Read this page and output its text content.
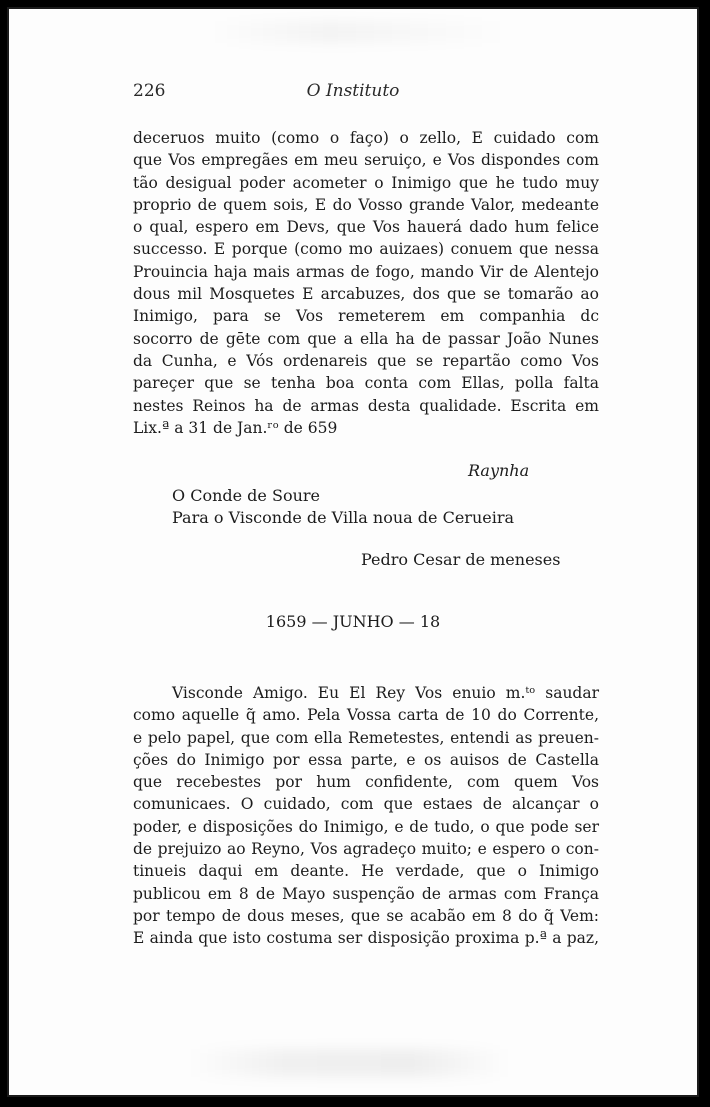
226	O Instituto
deceruos muito (como o faço) o zello, E cuidado com
que Vos empregães em meu seruiço, e Vos dispondes com
tão desigual poder acometer o Inimigo que he tudo muy
proprio de quem sois, E do Vosso grande Valor, medeante
o qual, espero em Devs, que Vos hauerá dado hum felice
successo. E porque (como mo auizaes) conuem que nessa
Prouincia haja mais armas de fogo, mando Vir de Alentejo
dous mil Mosquetes E arcabuzes, dos que se tomarão ao
Inimigo, para se Vos remeterem em companhia dc
socorro de gēte com que a ella ha de passar João Nunes
da Cunha, e Vós ordenareis que se repartão como Vos
pareçer que se tenha boa conta com Ellas, polla falta
nestes Reinos ha de armas desta qualidade. Escrita em
Lix.ª a 31 de Jan.ʳᵒ de 659
Raynha
O Conde de Soure
Para o Visconde de Villa noua de Cerueira
Pedro Cesar de meneses
1659 — JUNHO — 18
Visconde Amigo. Eu El Rey Vos enuio m.ᵗᵒ saudar
como aquelle q̃ amo. Pela Vossa carta de 10 do Corrente,
e pelo papel, que com ella Remetestes, entendi as preuen-
ções do Inimigo por essa parte, e os auisos de Castella
que recebestes por hum confidente, com quem Vos
comunicaes. O cuidado, com que estaes de alcançar o
poder, e disposições do Inimigo, e de tudo, o que pode ser
de prejuizo ao Reyno, Vos agradeço muito; e espero o con-
tinueis daqui em deante. He verdade, que o Inimigo
publicou em 8 de Mayo suspenção de armas com França
por tempo de dous meses, que se acabão em 8 do q̃ Vem:
E ainda que isto costuma ser disposição proxima p.ª a paz,
